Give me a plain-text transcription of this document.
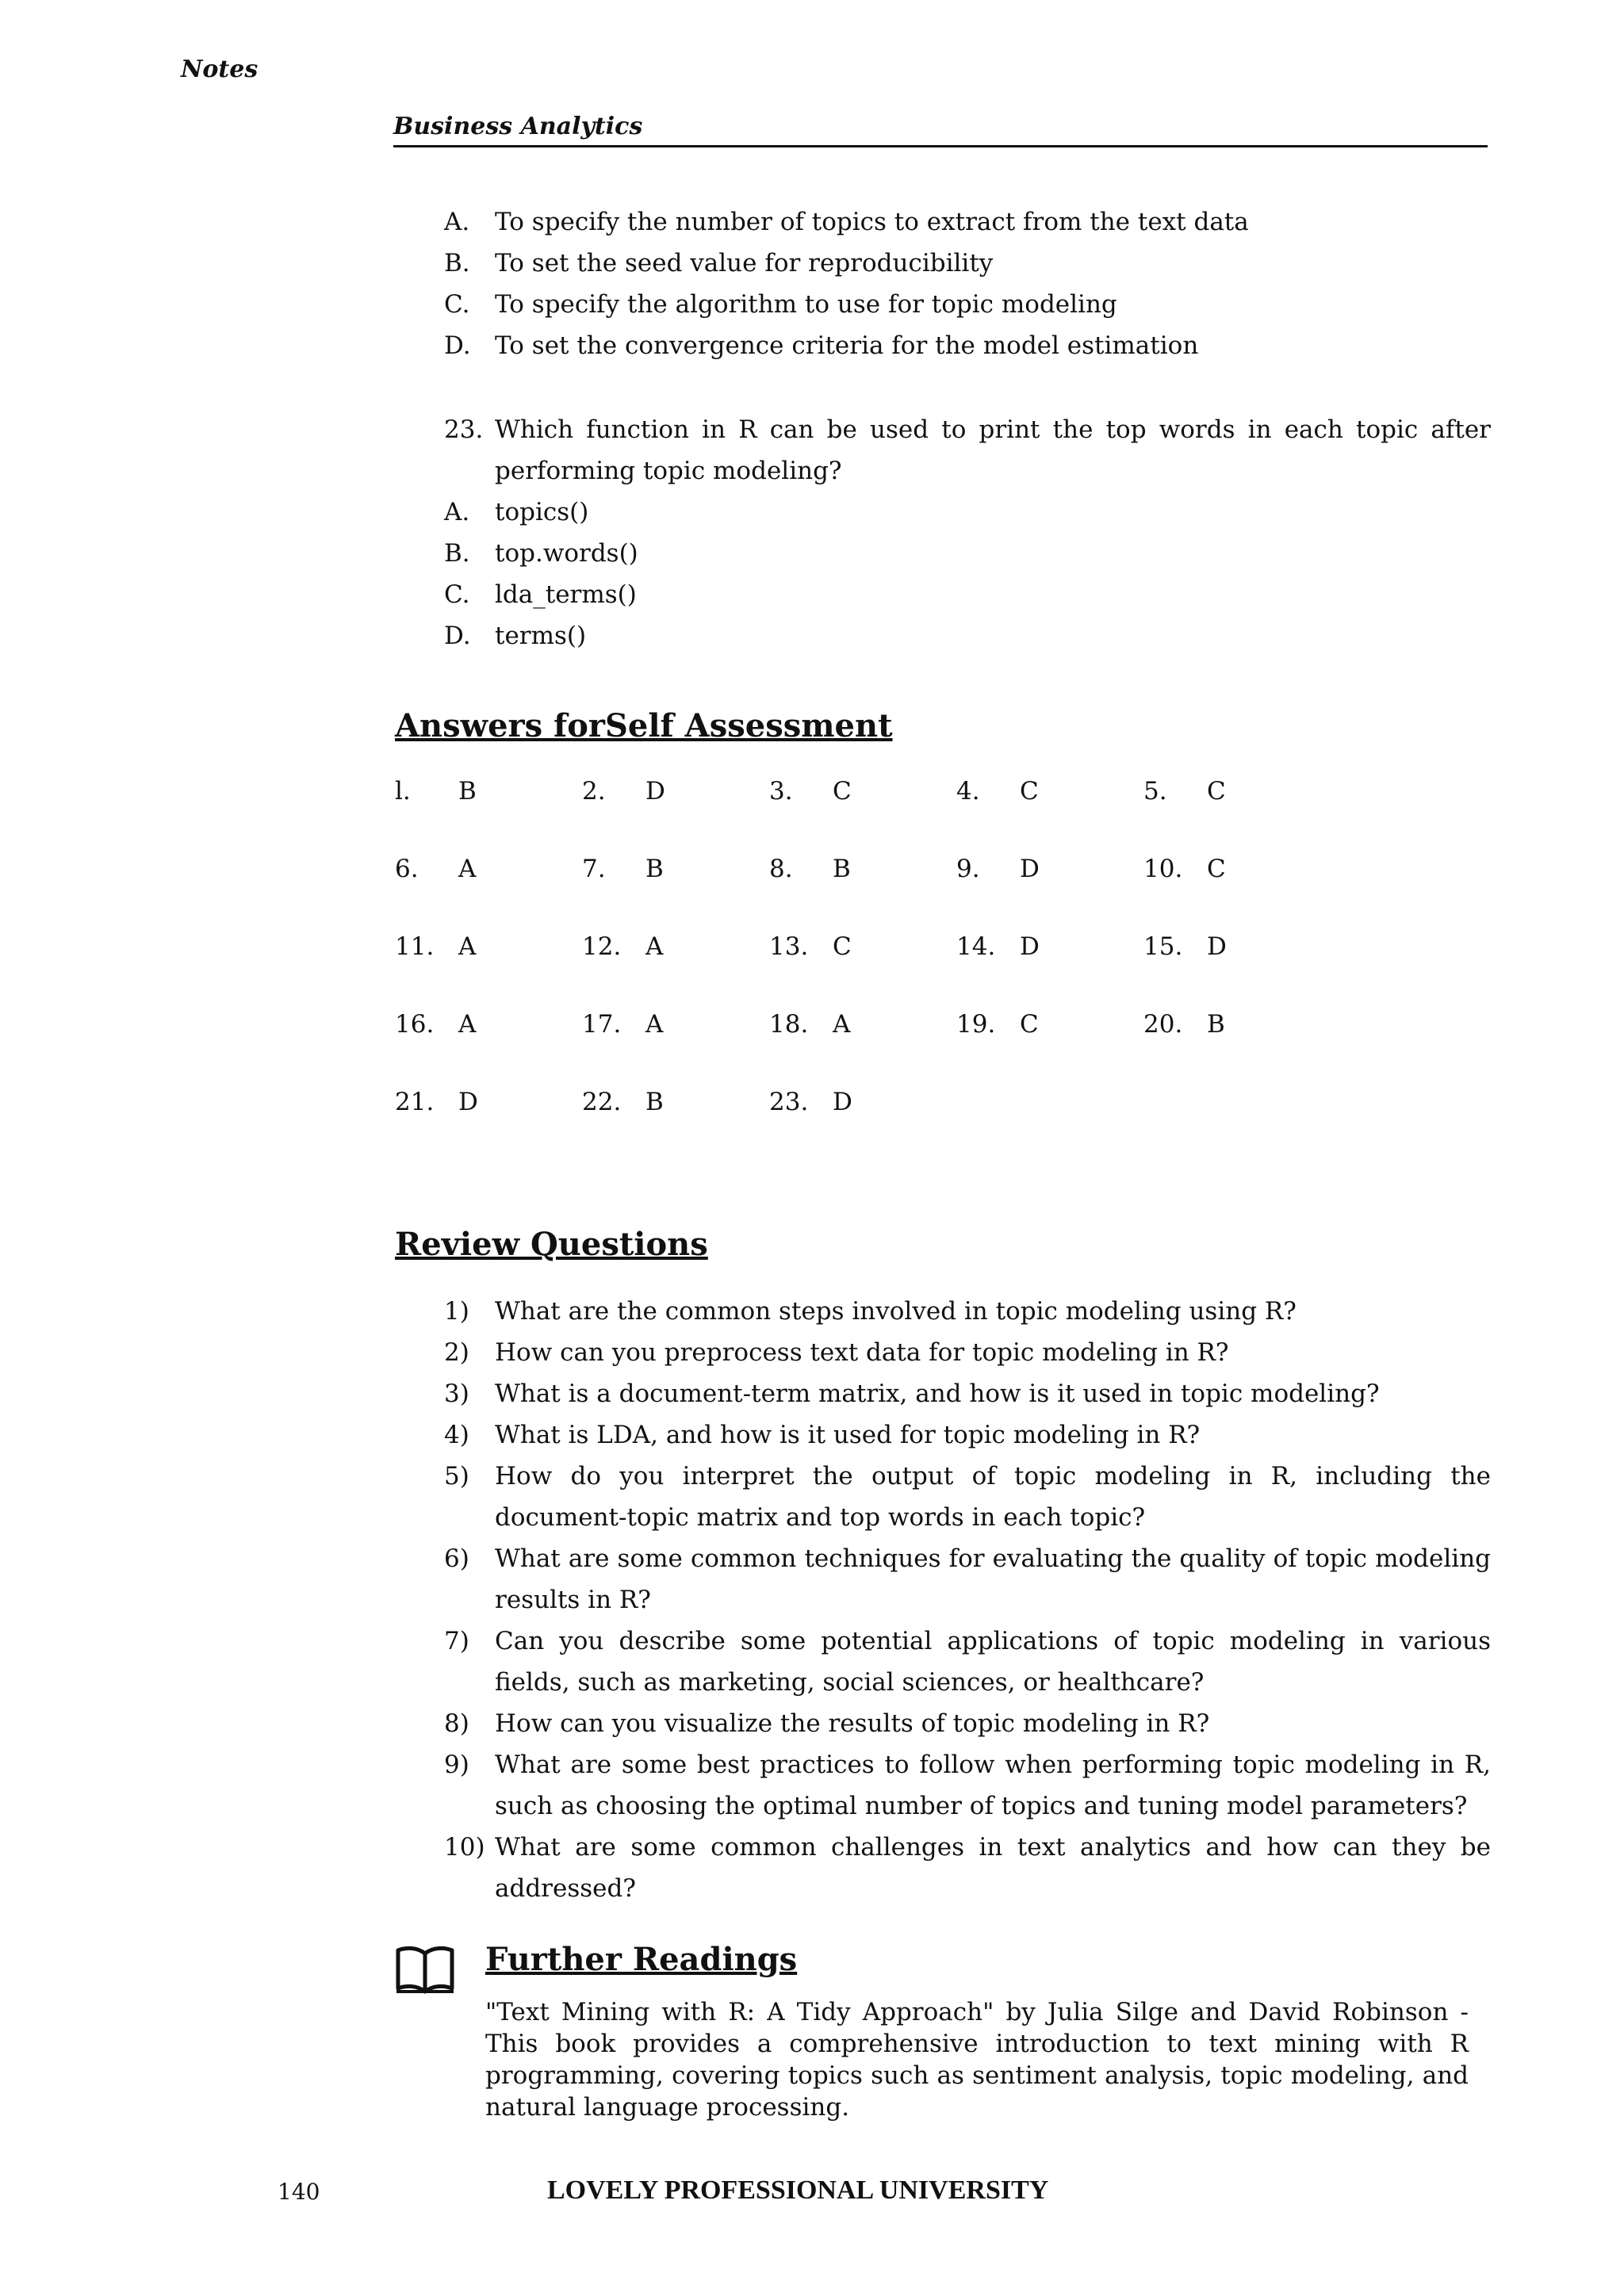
Notes
Business Analytics
A.	To specify the number of topics to extract from the text data
B.	To set the seed value for reproducibility
C.	To specify the algorithm to use for topic modeling
D. To set the convergence criteria for the model estimation
23. Which function in R can be used to print the top words in each topic after performing topic modeling?
A.	topics()
B.	top.words()
C.	lda_terms()
D. terms()
Answers forSelf Assessment
l.	B	2.	D	3.	C	4.	C	5.	C
6.	A	7.	B	8.	B	9.	D	10. C
11. A	12. A	13. C	14. D	15. D
16. A	17. A	18. A	19. C	20. B
21. D	22. B	23. D
Review Questions
1)	What are the common steps involved in topic modeling using R?
2)	How can you preprocess text data for topic modeling in R?
3)	What is a document-term matrix, and how is it used in topic modeling?
4)	What is LDA, and how is it used for topic modeling in R?
5)	How do you interpret the output of topic modeling in R, including the document-topic matrix and top words in each topic?
6)	What are some common techniques for evaluating the quality of topic modeling results in R?
7)	Can you describe some potential applications of topic modeling in various fields, such as marketing, social sciences, or healthcare?
8)	How can you visualize the results of topic modeling in R?
9)	What are some best practices to follow when performing topic modeling in R, such as choosing the optimal number of topics and tuning model parameters?
10) What are some common challenges in text analytics and how can they be addressed?
Further Readings
"Text Mining with R: A Tidy Approach" by Julia Silge and David Robinson - This book provides a comprehensive introduction to text mining with R programming, covering topics such as sentiment analysis, topic modeling, and natural language processing.
140	LOVELY PROFESSIONAL UNIVERSITY
